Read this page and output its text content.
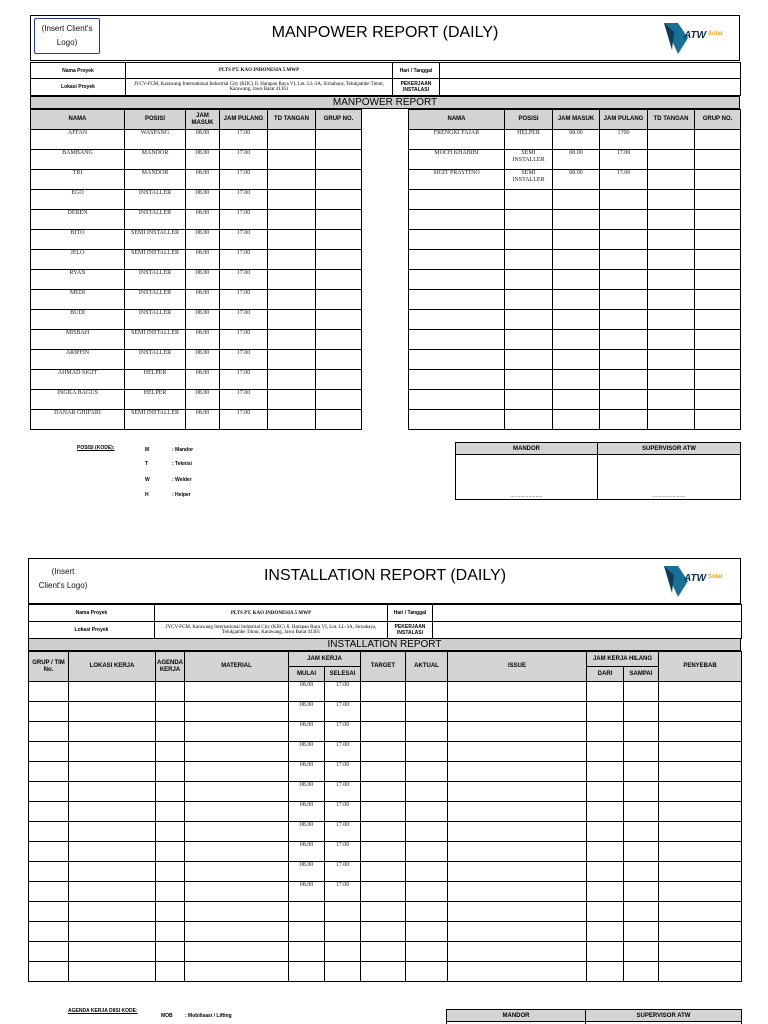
(Insert Client's Logo)
MANPOWER REPORT (DAILY)	ATW Solar
Nama Proyek	PLTS PT. KAO INDONESIA 5 MWP	Hari / Tanggal	
Lokasi Proyek	JYCV-FCM, Karawang International Industrial City (KIIC) Jl. Harapan Raya VI, Lot. LL-3A, Sirnabaya, Telukjambe Timur, Karawang, Jawa Barat 41361	PEKERJAAN INSTALASI	
MANPOWER REPORT
NAMA	POSISI	JAM MASUK	JAM PULANG	TD TANGAN	GRUP NO.
AFFAN	WASPANG	08.00	17.00		
BAMBANG	MANDOR	08.00	17.00		
TRI	MANDOR	08.00	17.00		
EGO	INSTALLER	08.00	17.00		
DEREN	INSTALLER	08.00	17.00		
BITO	SEMI INSTALLER	08.00	17.00		
JELO	SEMI INSTALLER	08.00	17.00		
RYAN	INSTALLER	08.00	17.00		
MEDI	INSTALLER	08.00	17.00		
BUDI	INSTALLER	08.00	17.00		
MISBAH	SEMI INSTALLER	08.00	17.00		
ARIPFIN	INSTALLER	08.00	17.00		
AHMAD SIGIT	HELPER	08.00	17.00		
INGKA BAGUS	HELPER	08.00	17.00		
DANAR GHIFARI	SEMI INSTALLER	08.00	17.00		
NAMA	POSISI	JAM MASUK	JAM PULANG	TD TANGAN	GRUP NO.
FRENGKI FAJAR	HELPER	08.00	1700		
MOCH KHABIBI	SEMI INSTALLER	08.00	17.00		
SIGIT PRAYITNO	SEMI INSTALLER	08.00	17.00		

POSISI (KODE):	M	: Mandor
T	: Teknisi
W	: Welder
H	: Helper
MANDOR	SUPERVISOR ATW
.......................	.......................
(Insert Client's Logo)
INSTALLATION REPORT (DAILY)	ATW Solar
Nama Proyek	PLTS PT. KAO INDONESIA 5 MWP	Hari / Tanggal	
Lokasi Proyek	JYCV-FCM, Karawang International Industrial City (KIIC) Jl. Harapan Raya VI, Lot. LL-3A, Sirnabaya, Telukjambe Timur, Karawang, Jawa Barat 41361	PEKERJAAN INSTALASI	
INSTALLATION REPORT
GRUP / TIM No.	LOKASI KERJA	AGENDA KERJA	MATERIAL	JAM KERJA		TARGET	AKTUAL	ISSUE	JAM KERJA HILANG		PENYEBAB
				MULAI	SELESAI				DARI	SAMPAI	
				08.00	17.00						
				08.00	17.00						
				08.00	17.00						
				08.00	17.00						
				08.00	17.00						
				08.00	17.00						
				08.00	17.00						
				08.00	17.00						
				08.00	17.00						
				08.00	17.00						
				08.00	17.00						

AGENDA KERJA DIISI KODE:
MOB : Mobilisasi / Lifting	MANDOR	SUPERVISOR ATW
